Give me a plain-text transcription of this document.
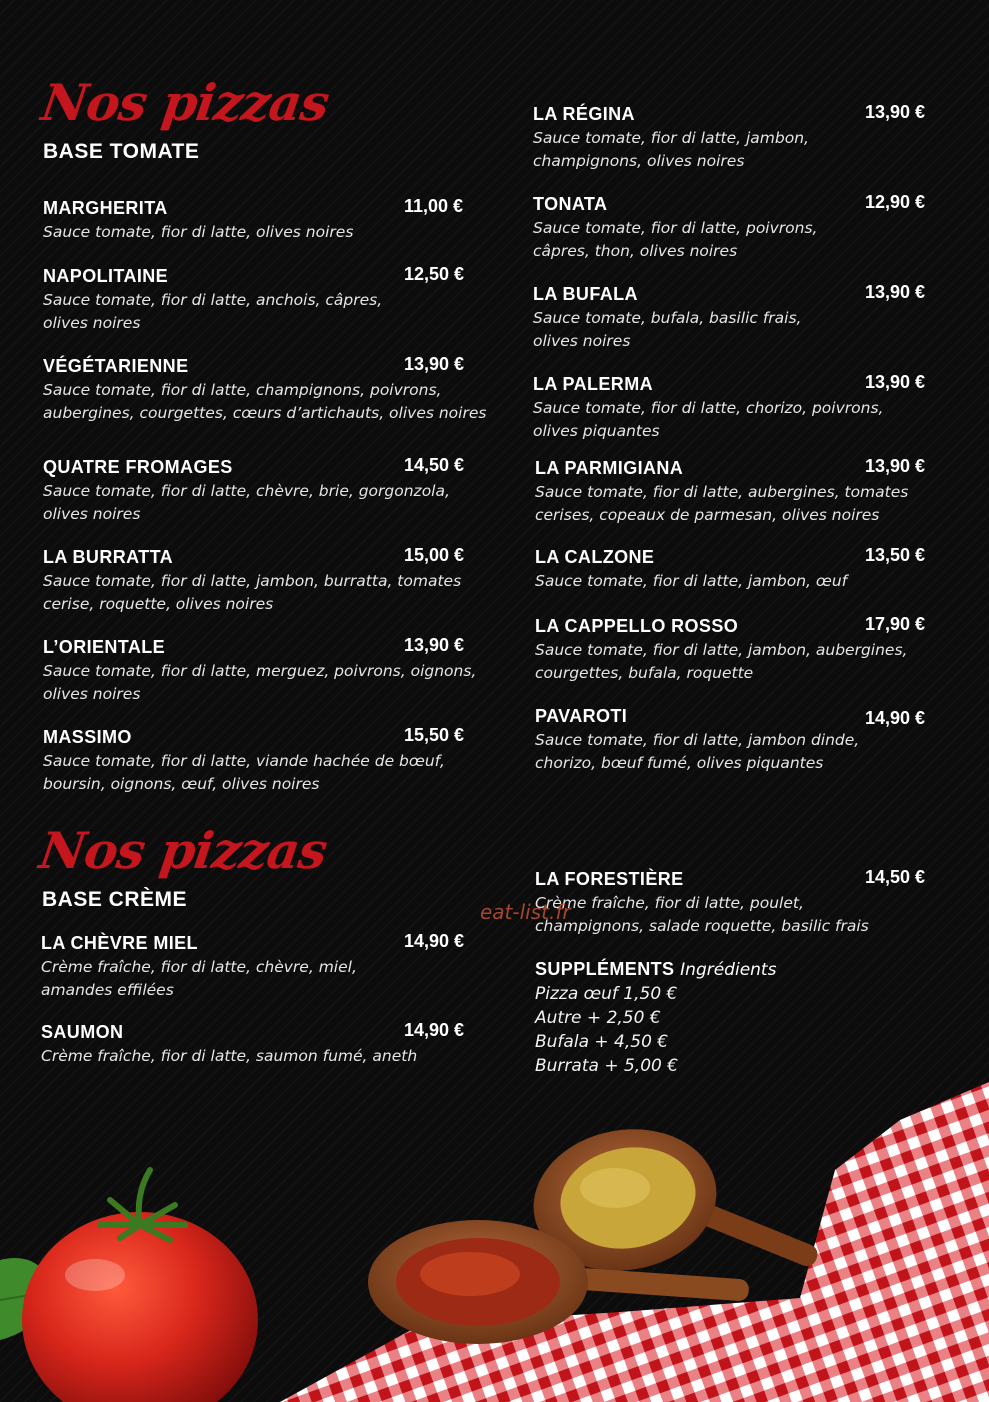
Nos pizzas
BASE TOMATE
MARGHERITA	11,00 €
Sauce tomate, fior di latte, olives noires
NAPOLITAINE	12,50 €
Sauce tomate, fior di latte, anchois, câpres,
olives noires
VÉGÉTARIENNE	13,90 €
Sauce tomate, fior di latte, champignons, poivrons,
aubergines, courgettes, cœurs d’artichauts, olives noires
QUATRE FROMAGES	14,50 €
Sauce tomate, fior di latte, chèvre, brie, gorgonzola,
olives noires
LA BURRATTA	15,00 €
Sauce tomate, fior di latte, jambon, burratta, tomates
cerise, roquette, olives noires
L’ORIENTALE	13,90 €
Sauce tomate, fior di latte, merguez, poivrons, oignons,
olives noires
MASSIMO	15,50 €
Sauce tomate, fior di latte, viande hachée de bœuf,
boursin, oignons, œuf, olives noires
LA RÉGINA	13,90 €
Sauce tomate, fior di latte, jambon,
champignons, olives noires
TONATA	12,90 €
Sauce tomate, fior di latte, poivrons,
câpres, thon, olives noires
LA BUFALA	13,90 €
Sauce tomate, bufala, basilic frais,
olives noires
LA PALERMA	13,90 €
Sauce tomate, fior di latte, chorizo, poivrons,
olives piquantes
LA PARMIGIANA	13,90 €
Sauce tomate, fior di latte, aubergines, tomates
cerises, copeaux de parmesan, olives noires
LA CALZONE	13,50 €
Sauce tomate, fior di latte, jambon, œuf
LA CAPPELLO ROSSO	17,90 €
Sauce tomate, fior di latte, jambon, aubergines,
courgettes, bufala, roquette
PAVAROTI	14,90 €
Sauce tomate, fior di latte, jambon dinde,
chorizo, bœuf fumé, olives piquantes
Nos pizzas
BASE CRÈME
LA CHÈVRE MIEL	14,90 €
Crème fraîche, fior di latte, chèvre, miel,
amandes effilées
SAUMON	14,90 €
Crème fraîche, fior di latte, saumon fumé, aneth
LA FORESTIÈRE	14,50 €
Crème fraîche, fior di latte, poulet,
champignons, salade roquette, basilic frais
eat-list.fr
SUPPLÉMENTS Ingrédients
Pizza œuf 1,50 €
Autre + 2,50 €
Bufala + 4,50 €
Burrata + 5,00 €
